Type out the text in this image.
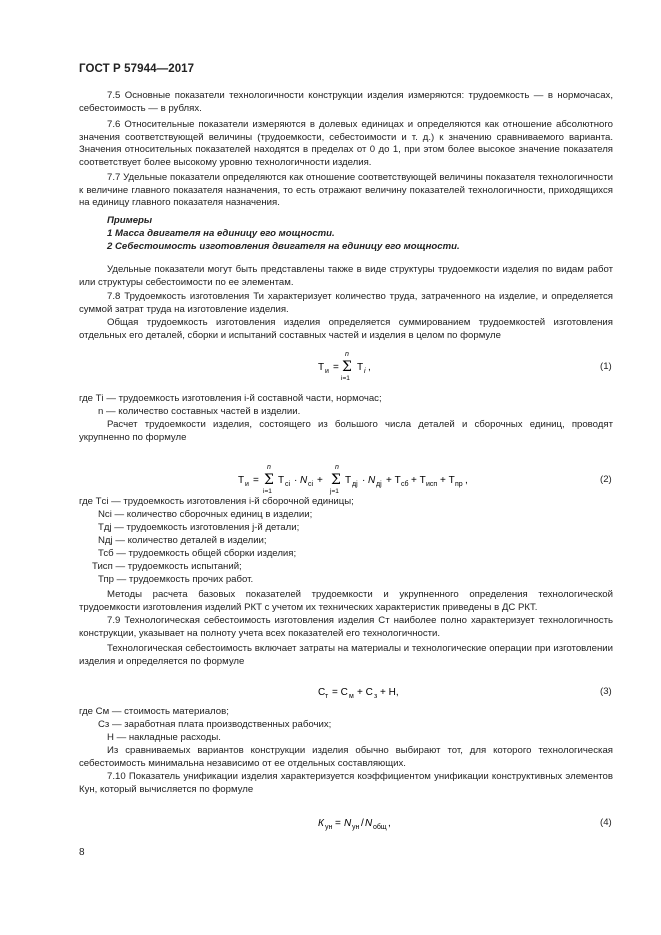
ГОСТ Р 57944—2017
7.5 Основные показатели технологичности конструкции изделия измеряются: трудоемкость — в нормочасах, себестоимость — в рублях.
7.6 Относительные показатели измеряются в долевых единицах и определяются как отношение абсолютного значения соответствующей величины (трудоемкости, себестоимости и т. д.) к значению сравниваемого варианта. Значения относительных показателей находятся в пределах от 0 до 1, при этом более высокое значение показателя соответствует более высокому уровню технологичности изделия.
7.7 Удельные показатели определяются как отношение соответствующей величины показателя технологичности к величине главного показателя назначения, то есть отражают величину показателей технологичности, приходящихся на единицу главного показателя назначения.
Примеры
1 Масса двигателя на единицу его мощности.
2 Себестоимость изготовления двигателя на единицу его мощности.
Удельные показатели могут быть представлены также в виде структуры трудоемкости изделия по видам работ или структуры себестоимости по ее элементам.
7.8 Трудоемкость изготовления Ти характеризует количество труда, затраченного на изделие, и определяется суммой затрат труда на изготовление изделия.
Общая трудоемкость изготовления изделия определяется суммированием трудоемкостей изготовления отдельных его деталей, сборки и испытаний составных частей и изделия в целом по формуле
Т и =
n
Σ
i=1
Т i ,	(1)
где Тi — трудоемкость изготовления i-й составной части, нормочас;
n — количество составных частей в изделии.
Расчет трудоемкости изделия, состоящего из большого числа деталей и сборочных единиц, проводят укрупненно по формуле
Т и =
n
Σ
i=1
Т ci · N ci +
n
Σ
j=1
Т дj · N дj + Т сб + Т исп + Т пр ,	(2)
где Тci — трудоемкость изготовления i-й сборочной единицы;
Nci — количество сборочных единиц в изделии;
Тдj — трудоемкость изготовления j-й детали;
Nдj — количество деталей в изделии;
Тсб — трудоемкость общей сборки изделия;
Тисп — трудоемкость испытаний;
Тпр — трудоемкость прочих работ.
Методы расчета базовых показателей трудоемкости и укрупненного определения технологической трудоемкости изготовления изделий РКТ с учетом их технических характеристик приведены в ДС РКТ.
7.9 Технологическая себестоимость изготовления изделия Ст наиболее полно характеризует технологичность конструкции, указывает на полноту учета всех показателей его технологичности.
Технологическая себестоимость включает затраты на материалы и технологические операции при изготовлении изделия и определяется по формуле
С т = С м + С з + Н,	(3)
где См — стоимость материалов;
Сз — заработная плата производственных рабочих;
Н — накладные расходы.
Из сравниваемых вариантов конструкции изделия обычно выбирают тот, для которого технологическая себестоимость минимальна независимо от ее отдельных составляющих.
7.10 Показатель унификации изделия характеризуется коэффициентом унификации конструктивных элементов Кун, который вычисляется по формуле
К ун = N ун / N общ ,	(4)
8
